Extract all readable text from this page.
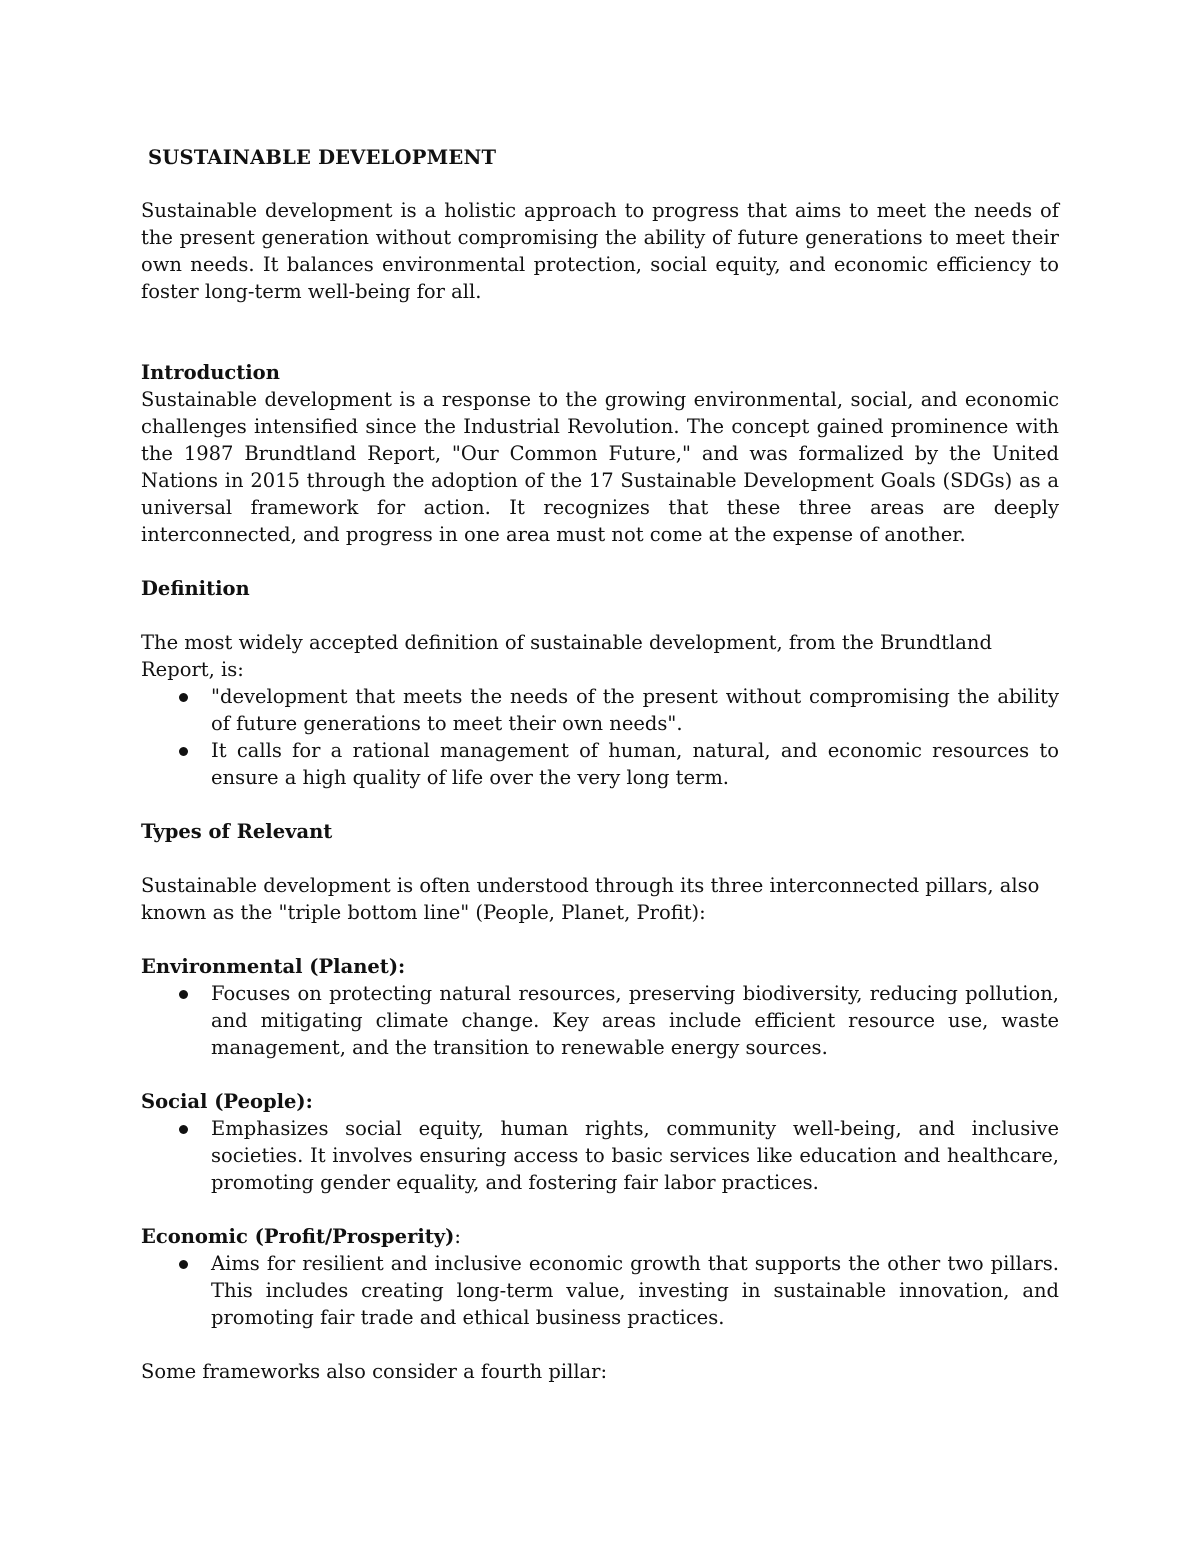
SUSTAINABLE DEVELOPMENT

Sustainable development is a holistic approach to progress that aims to meet the needs of the present generation without compromising the ability of future generations to meet their own needs. It balances environmental protection, social equity, and economic efficiency to foster long-term well-being for all.

Introduction

Sustainable development is a response to the growing environmental, social, and economic challenges intensified since the Industrial Revolution. The concept gained prominence with the 1987 Brundtland Report, "Our Common Future," and was formalized by the United Nations in 2015 through the adoption of the 17 Sustainable Development Goals (SDGs) as a universal framework for action. It recognizes that these three areas are deeply interconnected, and progress in one area must not come at the expense of another.

Definition

The most widely accepted definition of sustainable development, from the Brundtland Report, is:

"development that meets the needs of the present without compromising the ability of future generations to meet their own needs".
It calls for a rational management of human, natural, and economic resources to ensure a high quality of life over the very long term.

Types of Relevant

Sustainable development is often understood through its three interconnected pillars, also known as the "triple bottom line" (People, Planet, Profit):

Environmental (Planet):

Focuses on protecting natural resources, preserving biodiversity, reducing pollution, and mitigating climate change. Key areas include efficient resource use, waste management, and the transition to renewable energy sources.

Social (People):

Emphasizes social equity, human rights, community well-being, and inclusive societies. It involves ensuring access to basic services like education and healthcare, promoting gender equality, and fostering fair labor practices.

Economic (Profit/Prosperity):

Aims for resilient and inclusive economic growth that supports the other two pillars. This includes creating long-term value, investing in sustainable innovation, and promoting fair trade and ethical business practices.

Some frameworks also consider a fourth pillar:
